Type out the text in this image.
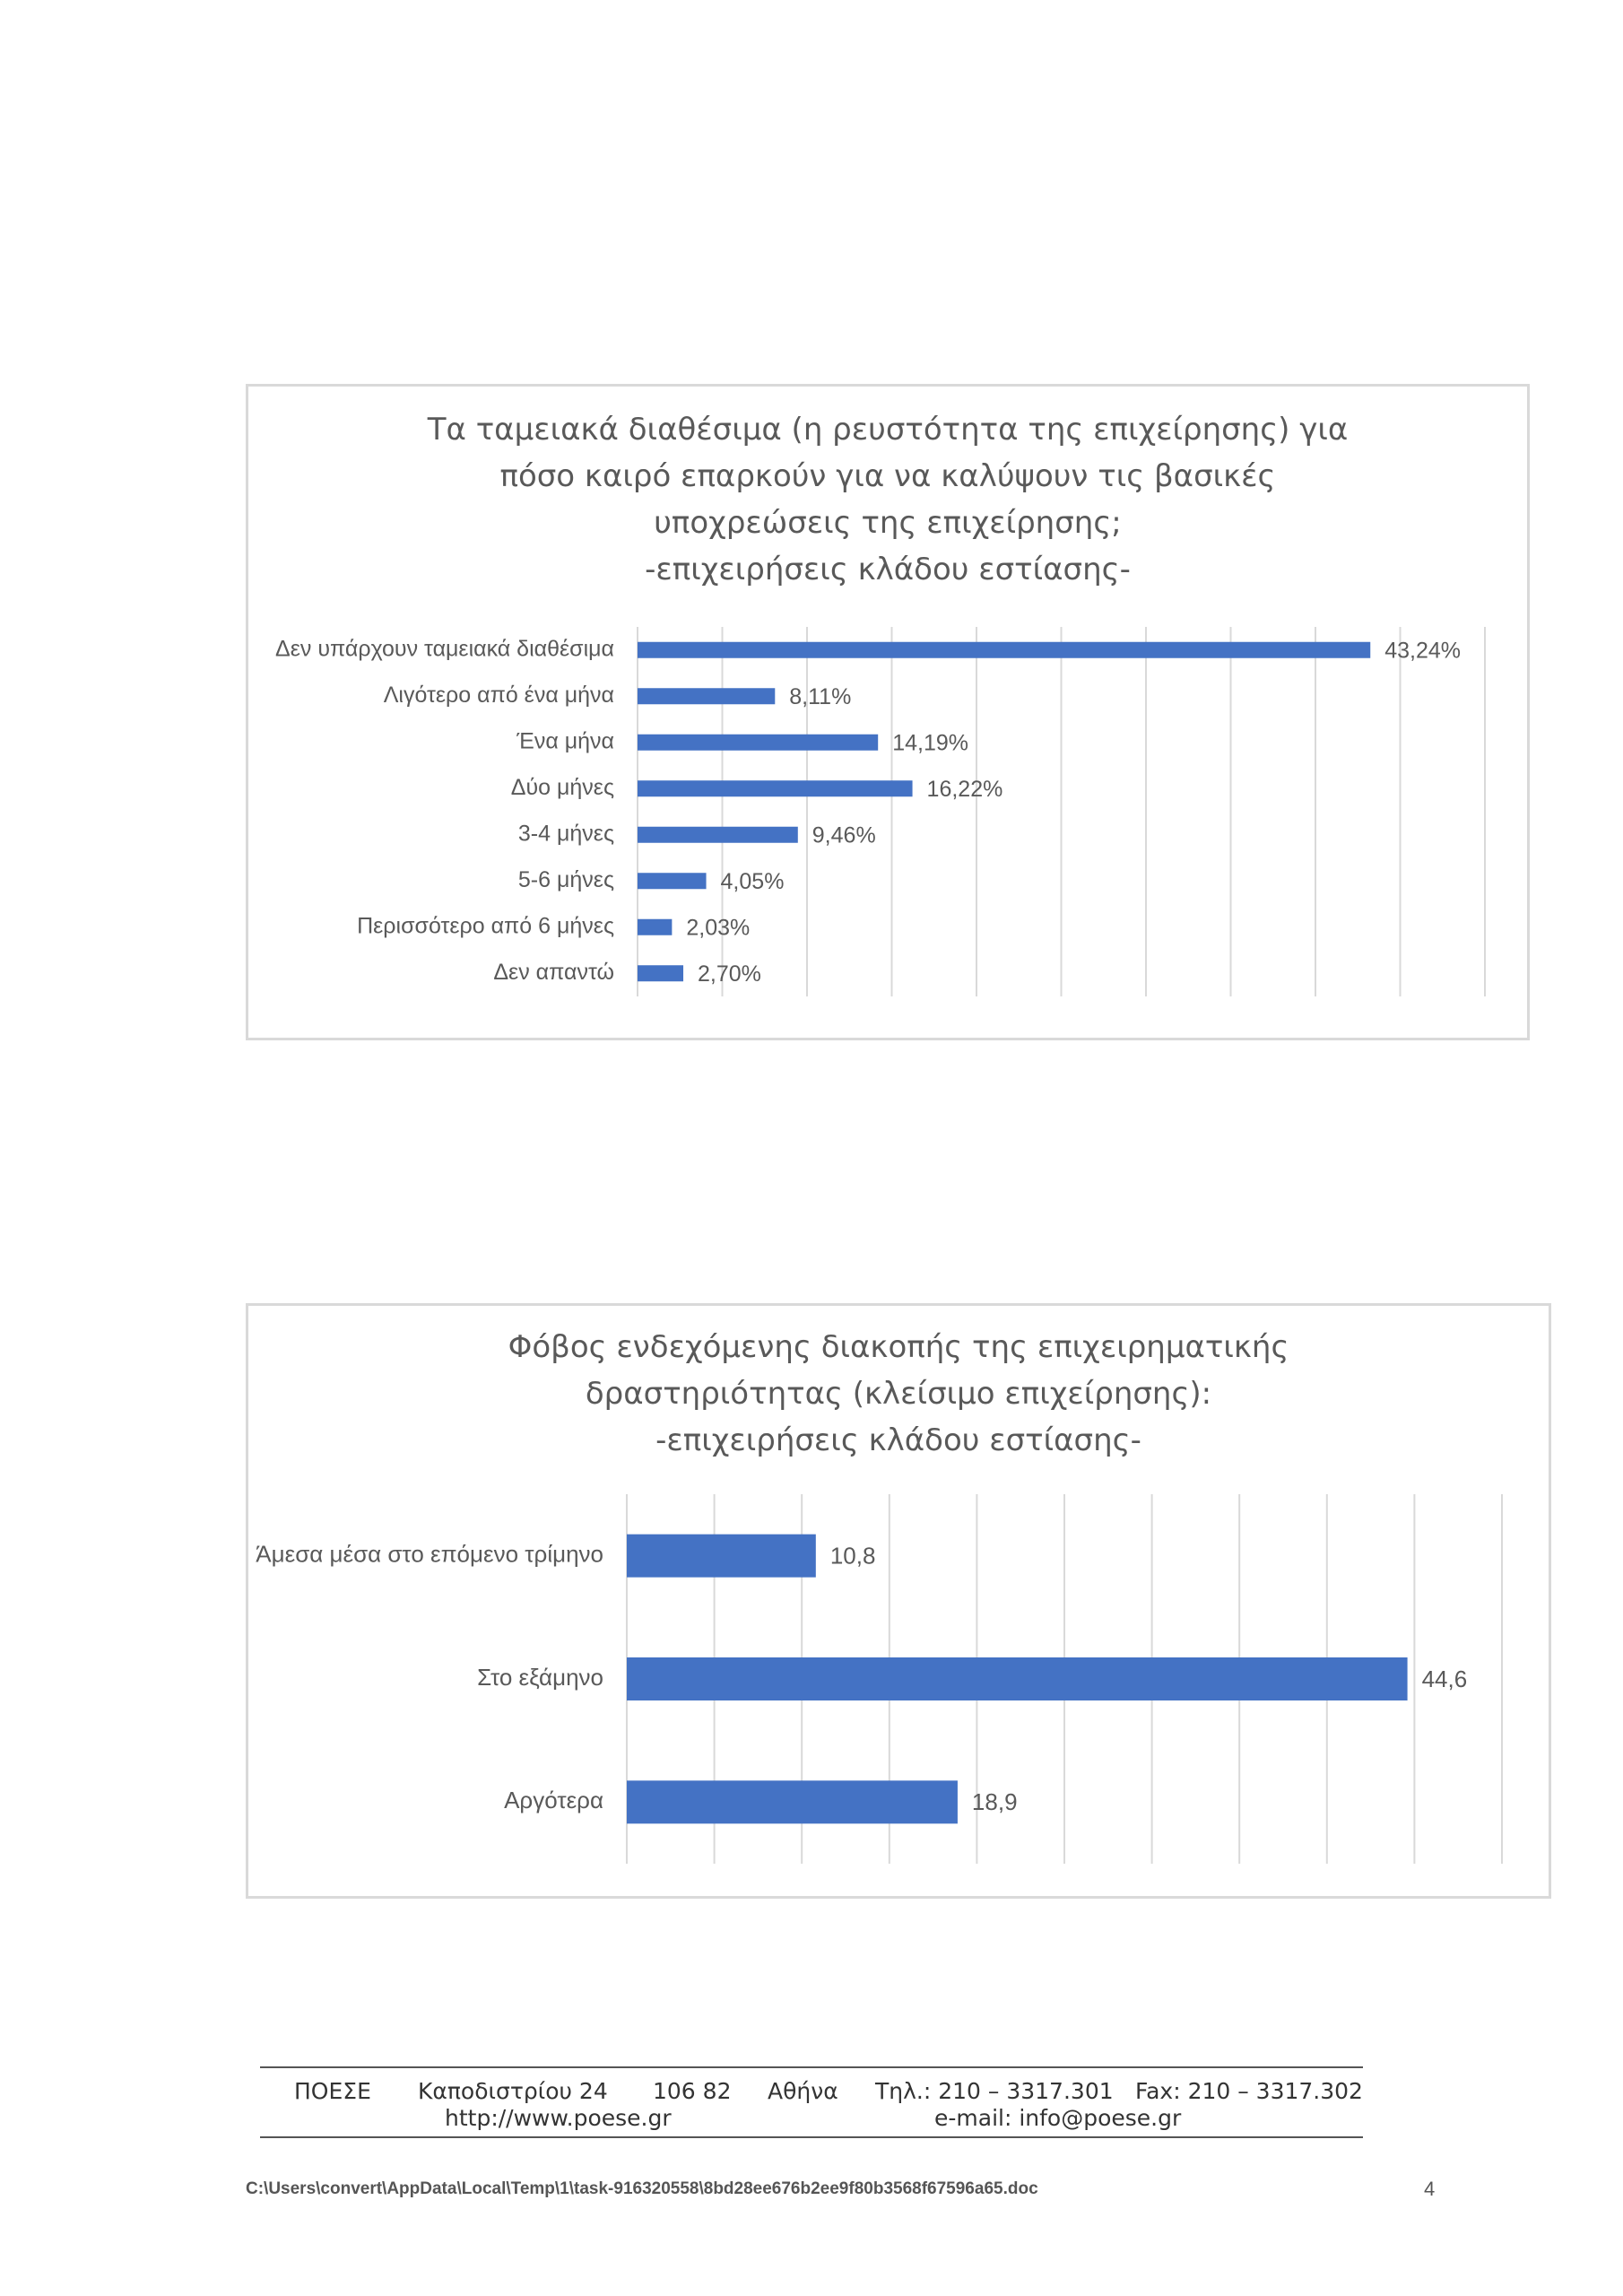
Τα ταμειακά διαθέσιμα (η ρευστότητα της επιχείρησης) για
πόσο καιρό επαρκούν για να καλύψουν τις βασικές
υποχρεώσεις της επιχείρησης;
-επιχειρήσεις κλάδου εστίασης-
Δεν υπάρχουν ταμειακά διαθέσιμα	43,24%
Λιγότερο από ένα μήνα	8,11%
Ένα μήνα	14,19%
Δύο μήνες	16,22%
3-4 μήνες	9,46%
5-6 μήνες	4,05%
Περισσότερο από 6 μήνες	2,03%
Δεν απαντώ	2,70%
Φόβος ενδεχόμενης διακοπής της επιχειρηματικής
δραστηριότητας (κλείσιμο επιχείρησης):
-επιχειρήσεις κλάδου εστίασης-
Άμεσα μέσα στο επόμενο τρίμηνο	10,8
Στο εξάμηνο	44,6
Αργότερα	18,9
ΠΟΕΣΕ Καποδιστρίου 24 106 82 Αθήνα Τηλ.: 210 – 3317.301 Fax: 210 – 3317.302
http://www.poese.gr	e-mail: info@poese.gr
C:\Users\convert\AppData\Local\Temp\1\task-916320558\8bd28ee676b2ee9f80b3568f67596a65.doc	4
